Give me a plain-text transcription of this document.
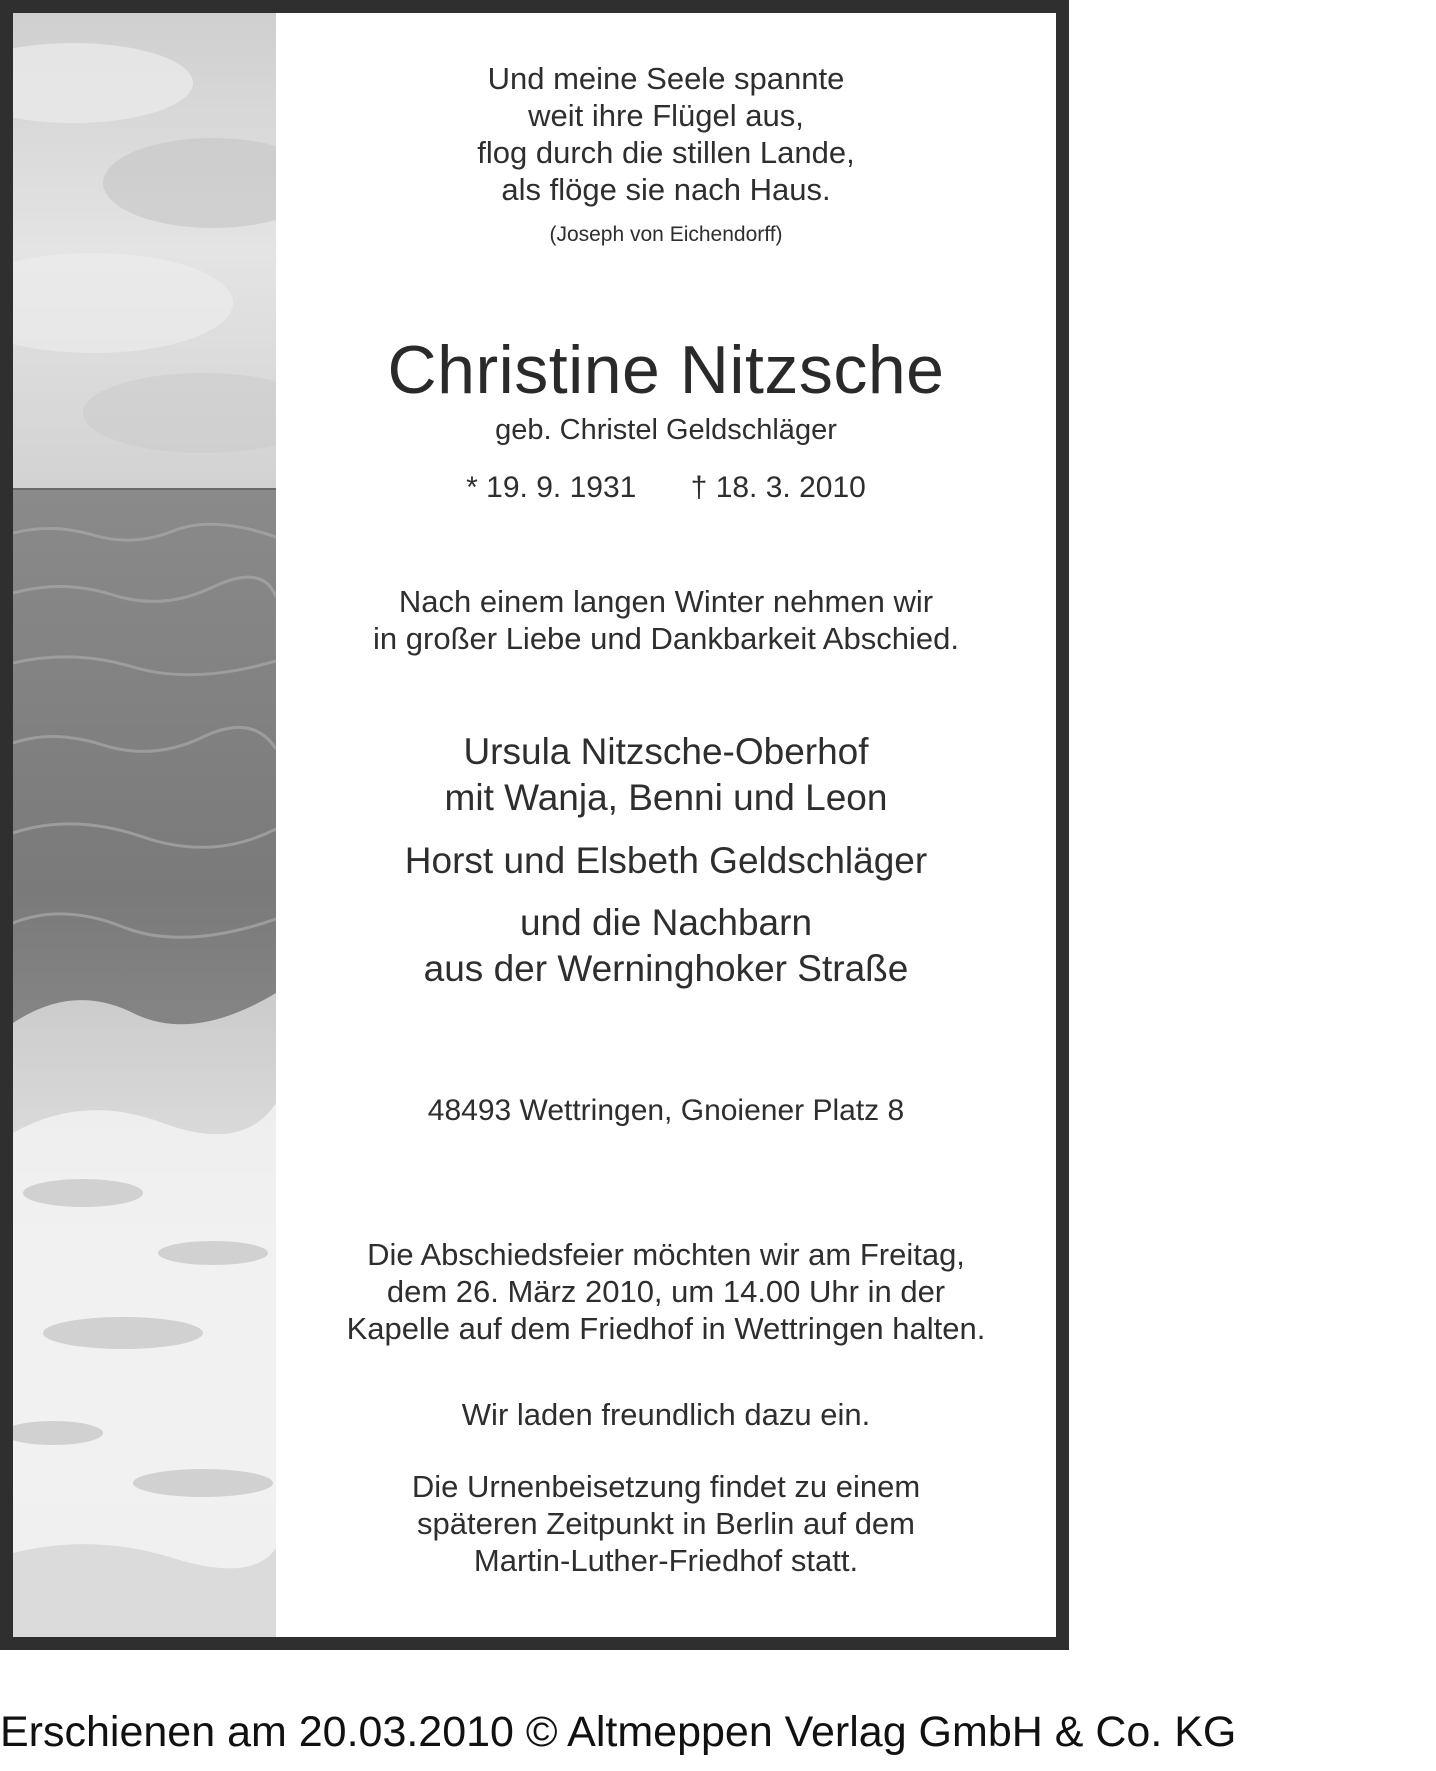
Und meine Seele spannte
weit ihre Flügel aus,
flog durch die stillen Lande,
als flöge sie nach Haus.
(Joseph von Eichendorff)
Christine Nitzsche
geb. Christel Geldschläger
* 19. 9. 1931 † 18. 3. 2010
Nach einem langen Winter nehmen wir
in großer Liebe und Dankbarkeit Abschied.
Ursula Nitzsche-Oberhof
mit Wanja, Benni und Leon
Horst und Elsbeth Geldschläger
und die Nachbarn
aus der Werninghoker Straße
48493 Wettringen, Gnoiener Platz 8
Die Abschiedsfeier möchten wir am Freitag,
dem 26. März 2010, um 14.00 Uhr in der
Kapelle auf dem Friedhof in Wettringen halten.
Wir laden freundlich dazu ein.
Die Urnenbeisetzung findet zu einem
späteren Zeitpunkt in Berlin auf dem
Martin-Luther-Friedhof statt.
Erschienen am 20.03.2010 © Altmeppen Verlag GmbH & Co. KG
